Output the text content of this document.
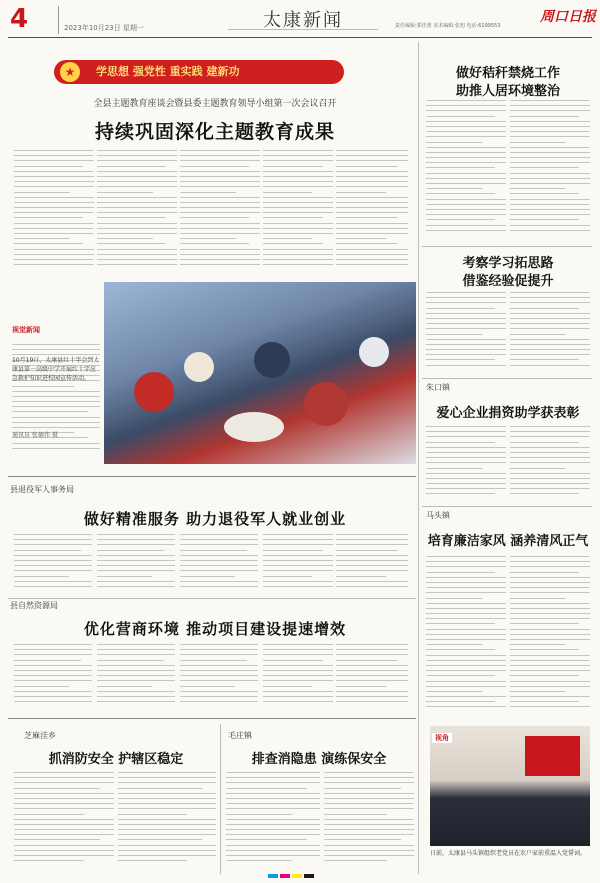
4	2023年10月23日 星期一	太康新闻	责任编辑:郭佳蕾 美术编辑:张旭 电话:6199553
周口日报
学思想 强党性 重实践 建新功
★
全县主题教育座谈会暨县委主题教育领导小组第一次会议召开
持续巩固深化主题教育成果
视觉新闻
10月19日，太康县红十字会到太康县第一高级中学开展红十字应急救护知识进校园宣传活动。
通讯员 张德伟 摄
县退役军人事务局
做好精准服务 助力退役军人就业创业
县自然资源局
优化营商环境 推动项目建设提速增效
芝麻洼乡
抓消防安全 护辖区稳定
毛庄镇
排查消隐患 演练保安全
做好秸秆禁烧工作
助推人居环境整治
考察学习拓思路
借鉴经验促提升
朱口镇
爱心企业捐资助学获表彰
马头镇
培育廉洁家风 涵养清风正气
视角
日前，太康县马头镇组织老党员在农户家前重温入党誓词。
